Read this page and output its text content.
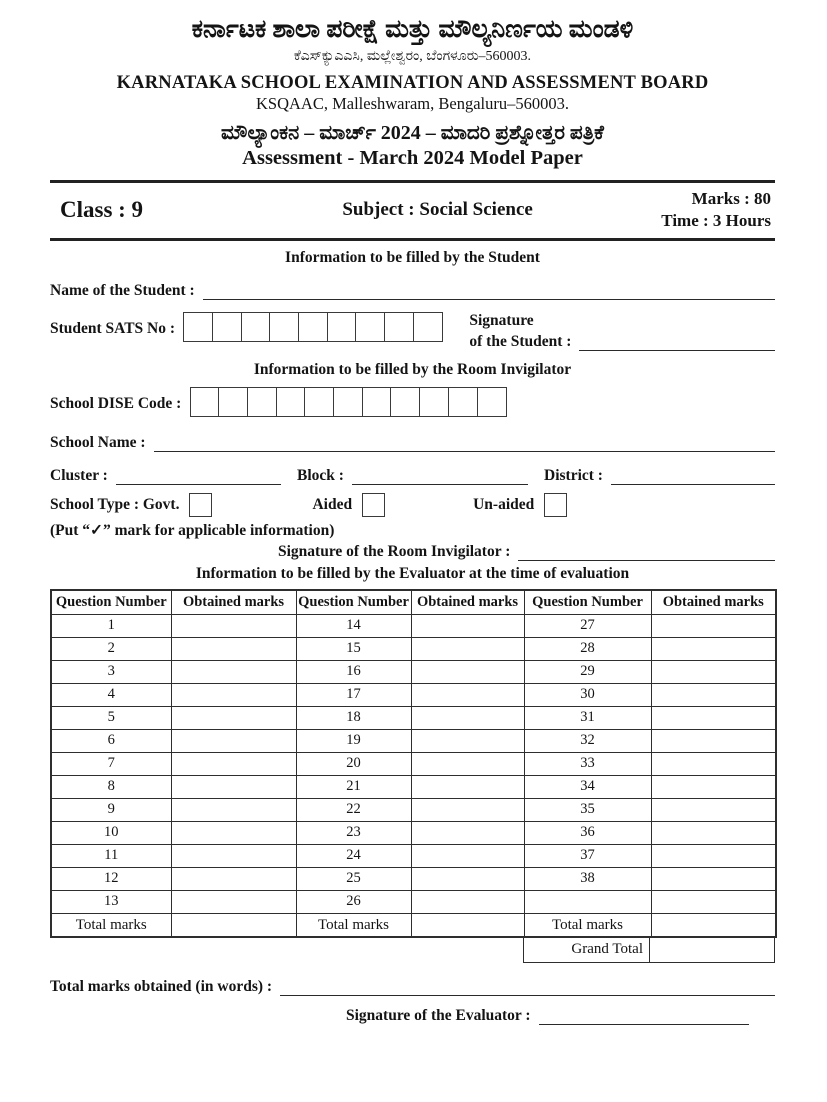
ಕರ್ನಾಟಕ ಶಾಲಾ ಪರೀಕ್ಷೆ ಮತ್ತು ಮೌಲ್ಯನಿರ್ಣಯ ಮಂಡಳಿ
ಕೆಎಸ್‌ಕ್ಯುಎಎಸಿ, ಮಲ್ಲೇಶ್ವರಂ, ಬೆಂಗಳೂರು–560003.
KARNATAKA SCHOOL EXAMINATION AND ASSESSMENT BOARD
KSQAAC, Malleshwaram, Bengaluru–560003.
ಮೌಲ್ಯಾಂಕನ – ಮಾರ್ಚ್ 2024 – ಮಾದರಿ ಪ್ರಶ್ನೋತ್ತರ ಪತ್ರಿಕೆ
Assessment - March 2024 Model Paper
Class : 9	Subject : Social Science
Marks : 80
Time : 3 Hours
Information to be filled by the Student
Name of the Student :
Student SATS No :	Signature
of the Student :
Information to be filled by the Room Invigilator
School DISE Code :
School Name :
Cluster :	Block :	District :
School Type : Govt.	Aided	Un-aided
(Put “✓” mark for applicable information)
Signature of the Room Invigilator :
Information to be filled by the Evaluator at the time of evaluation
Question Number	Obtained marks	Question Number	Obtained marks	Question Number	Obtained marks
1		14		27	
2		15		28	
3		16		29	
4		17		30	
5		18		31	
6		19		32	
7		20		33	
8		21		34	
9		22		35	
10		23		36	
11		24		37	
12		25		38	
13		26			
Total marks		Total marks		Total marks	
Grand Total
Total marks obtained (in words) :
Signature of the Evaluator :
